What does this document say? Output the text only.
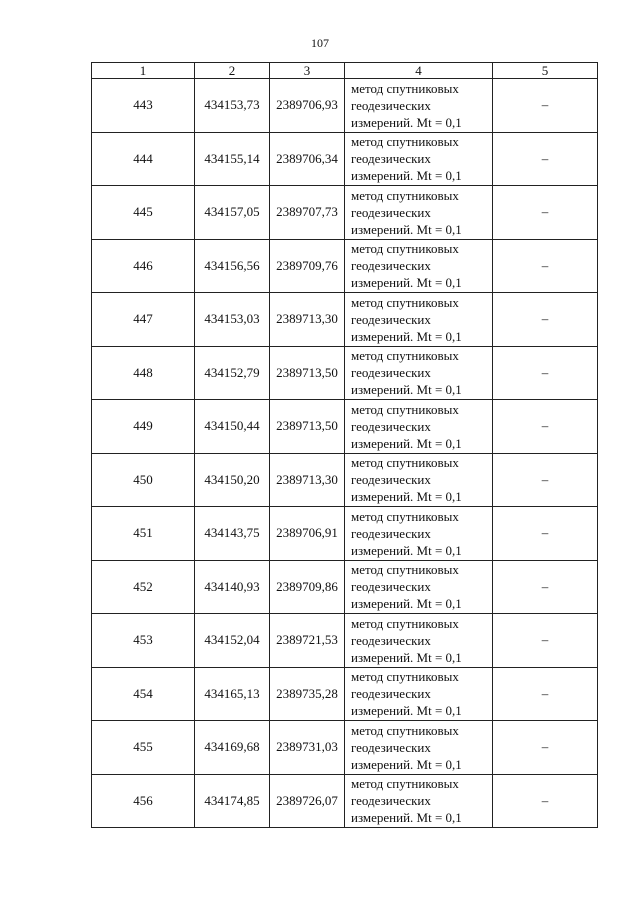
107
1	2	3	4	5
443	434153,73	2389706,93	метод спутниковых
геодезических
измерений. Mt = 0,1	–
444	434155,14	2389706,34	метод спутниковых
геодезических
измерений. Mt = 0,1	–
445	434157,05	2389707,73	метод спутниковых
геодезических
измерений. Mt = 0,1	–
446	434156,56	2389709,76	метод спутниковых
геодезических
измерений. Mt = 0,1	–
447	434153,03	2389713,30	метод спутниковых
геодезических
измерений. Mt = 0,1	–
448	434152,79	2389713,50	метод спутниковых
геодезических
измерений. Mt = 0,1	–
449	434150,44	2389713,50	метод спутниковых
геодезических
измерений. Mt = 0,1	–
450	434150,20	2389713,30	метод спутниковых
геодезических
измерений. Mt = 0,1	–
451	434143,75	2389706,91	метод спутниковых
геодезических
измерений. Mt = 0,1	–
452	434140,93	2389709,86	метод спутниковых
геодезических
измерений. Mt = 0,1	–
453	434152,04	2389721,53	метод спутниковых
геодезических
измерений. Mt = 0,1	–
454	434165,13	2389735,28	метод спутниковых
геодезических
измерений. Mt = 0,1	–
455	434169,68	2389731,03	метод спутниковых
геодезических
измерений. Mt = 0,1	–
456	434174,85	2389726,07	метод спутниковых
геодезических
измерений. Mt = 0,1	–
